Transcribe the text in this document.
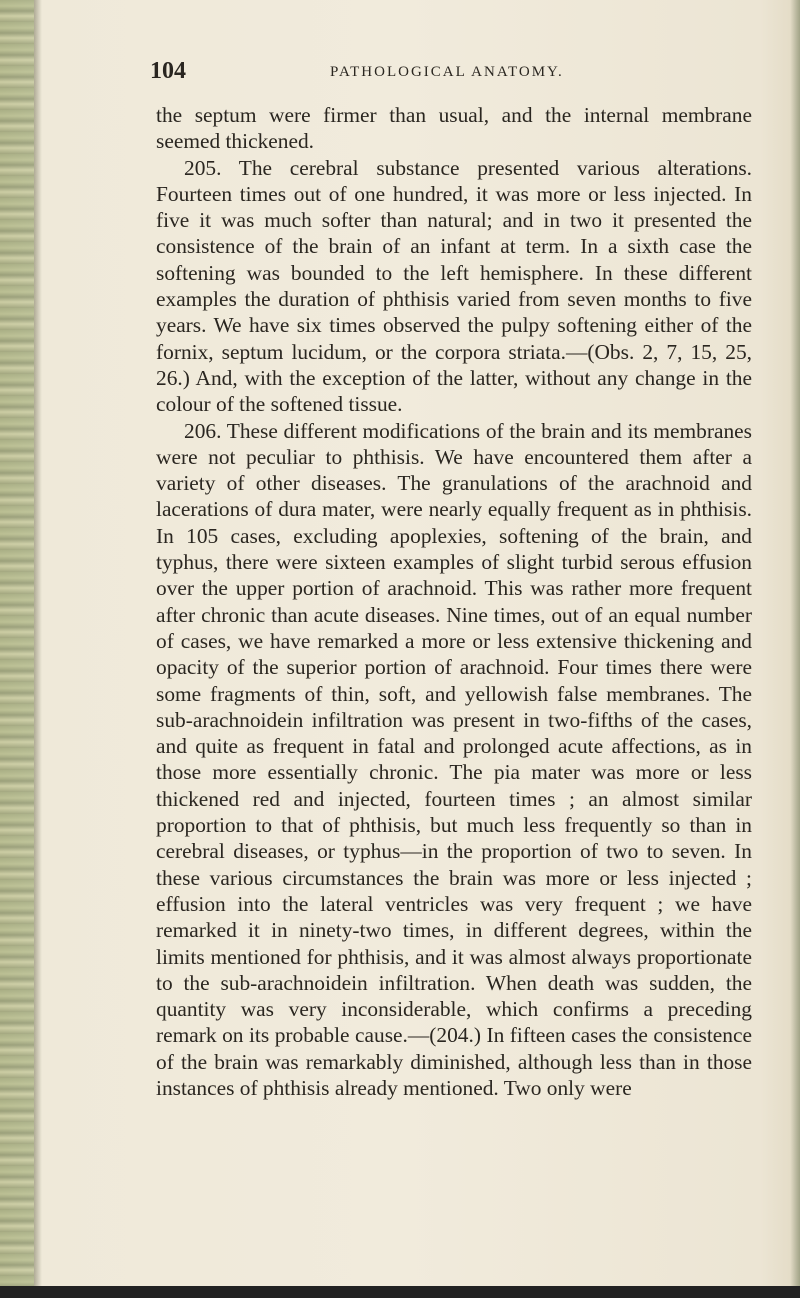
104	PATHOLOGICAL ANATOMY.

the septum were firmer than usual, and the internal membrane seemed thickened.

205. The cerebral substance presented various alterations. Fourteen times out of one hundred, it was more or less injected. In five it was much softer than natural; and in two it presented the consistence of the brain of an infant at term. In a sixth case the softening was bounded to the left hemisphere. In these different examples the duration of phthisis varied from seven months to five years. We have six times observed the pulpy softening either of the fornix, septum lucidum, or the corpora striata.—(Obs. 2, 7, 15, 25, 26.) And, with the exception of the latter, without any change in the colour of the softened tissue.

206. These different modifications of the brain and its membranes were not peculiar to phthisis. We have encountered them after a variety of other diseases. The granulations of the arachnoid and lacerations of dura mater, were nearly equally frequent as in phthisis. In 105 cases, excluding apoplexies, softening of the brain, and typhus, there were sixteen examples of slight turbid serous effusion over the upper portion of arachnoid. This was rather more frequent after chronic than acute diseases. Nine times, out of an equal number of cases, we have remarked a more or less extensive thickening and opacity of the superior portion of arachnoid. Four times there were some fragments of thin, soft, and yellowish false membranes. The sub-arachnoidein infiltration was present in two-fifths of the cases, and quite as frequent in fatal and prolonged acute affections, as in those more essentially chronic. The pia mater was more or less thickened red and injected, fourteen times ; an almost similar proportion to that of phthisis, but much less frequently so than in cerebral diseases, or typhus—in the proportion of two to seven. In these various circumstances the brain was more or less injected ; effusion into the lateral ventricles was very frequent ; we have remarked it in ninety-two times, in different degrees, within the limits mentioned for phthisis, and it was almost always proportionate to the sub-arachnoidein infiltration. When death was sudden, the quantity was very inconsiderable, which confirms a preceding remark on its probable cause.—(204.) In fifteen cases the consistence of the brain was remarkably diminished, although less than in those instances of phthisis already mentioned. Two only were
